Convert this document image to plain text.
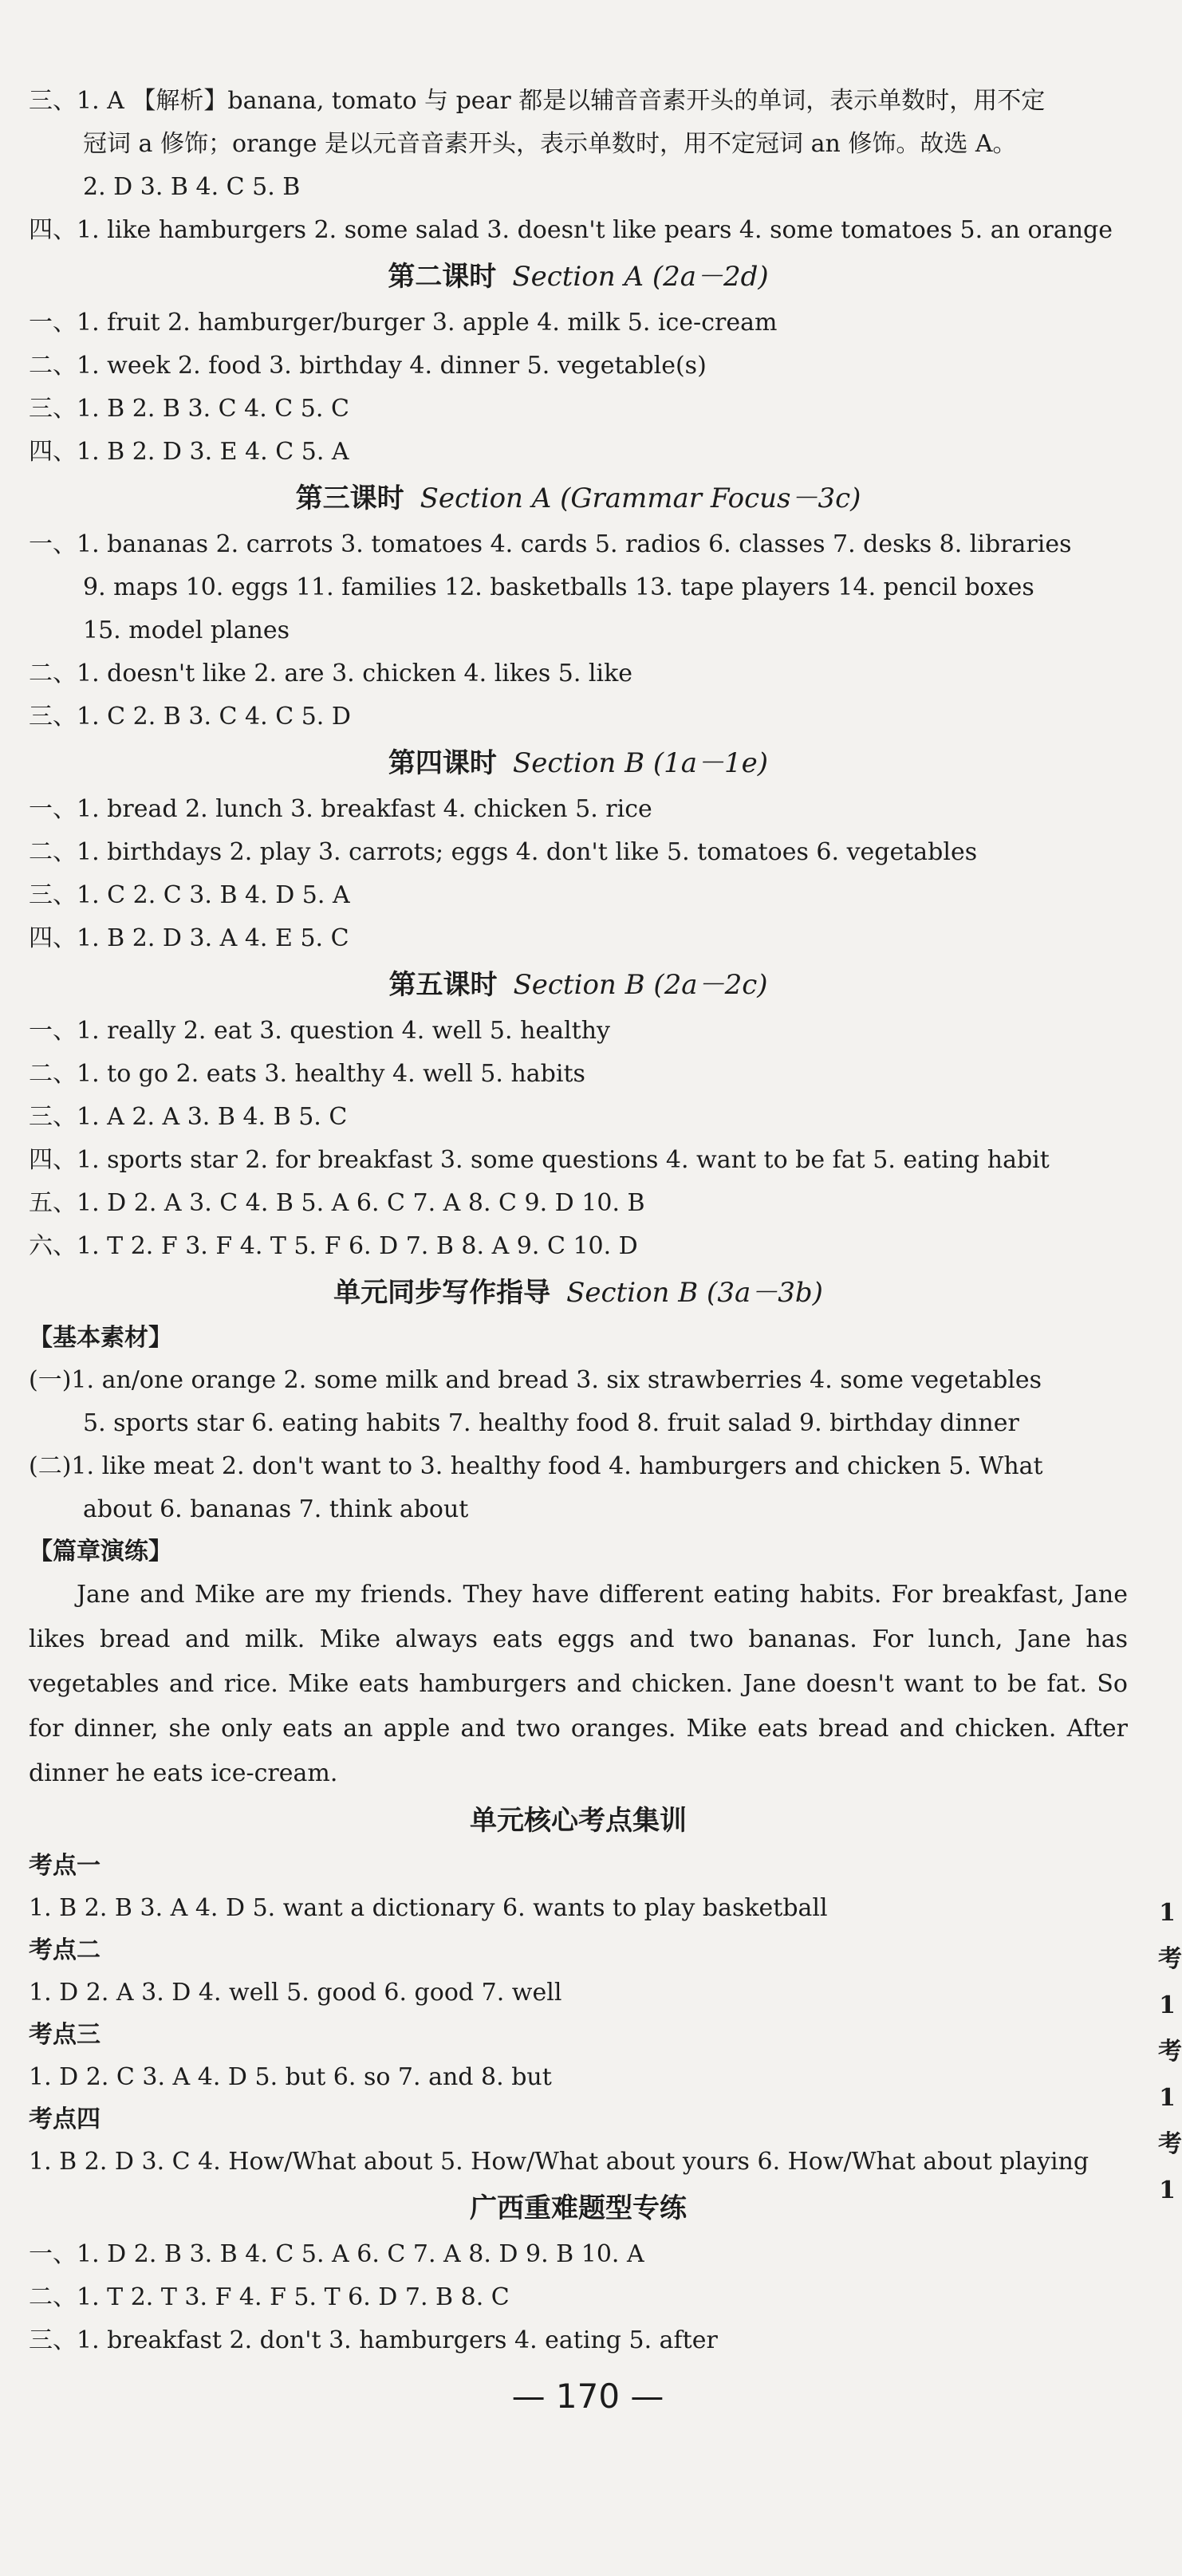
三、1. A 【解析】banana, tomato 与 pear 都是以辅音音素开头的单词，表示单数时，用不定
冠词 a 修饰；orange 是以元音音素开头，表示单数时，用不定冠词 an 修饰。故选 A。
2. D 3. B 4. C 5. B
四、1. like hamburgers 2. some salad 3. doesn't like pears 4. some tomatoes 5. an orange
第二课时 Section A (2a－2d)
一、1. fruit 2. hamburger/burger 3. apple 4. milk 5. ice-cream
二、1. week 2. food 3. birthday 4. dinner 5. vegetable(s)
三、1. B 2. B 3. C 4. C 5. C
四、1. B 2. D 3. E 4. C 5. A
第三课时 Section A (Grammar Focus－3c)
一、1. bananas 2. carrots 3. tomatoes 4. cards 5. radios 6. classes 7. desks 8. libraries
9. maps 10. eggs 11. families 12. basketballs 13. tape players 14. pencil boxes
15. model planes
二、1. doesn't like 2. are 3. chicken 4. likes 5. like
三、1. C 2. B 3. C 4. C 5. D
第四课时 Section B (1a－1e)
一、1. bread 2. lunch 3. breakfast 4. chicken 5. rice
二、1. birthdays 2. play 3. carrots; eggs 4. don't like 5. tomatoes 6. vegetables
三、1. C 2. C 3. B 4. D 5. A
四、1. B 2. D 3. A 4. E 5. C
第五课时 Section B (2a－2c)
一、1. really 2. eat 3. question 4. well 5. healthy
二、1. to go 2. eats 3. healthy 4. well 5. habits
三、1. A 2. A 3. B 4. B 5. C
四、1. sports star 2. for breakfast 3. some questions 4. want to be fat 5. eating habit
五、1. D 2. A 3. C 4. B 5. A 6. C 7. A 8. C 9. D 10. B
六、1. T 2. F 3. F 4. T 5. F 6. D 7. B 8. A 9. C 10. D
单元同步写作指导 Section B (3a－3b)
【基本素材】
(一)1. an/one orange 2. some milk and bread 3. six strawberries 4. some vegetables
5. sports star 6. eating habits 7. healthy food 8. fruit salad 9. birthday dinner
(二)1. like meat 2. don't want to 3. healthy food 4. hamburgers and chicken 5. What
about 6. bananas 7. think about
【篇章演练】
Jane and Mike are my friends. They have different eating habits. For breakfast, Jane likes bread and milk. Mike always eats eggs and two bananas. For lunch, Jane has vegetables and rice. Mike eats hamburgers and chicken. Jane doesn't want to be fat. So for dinner, she only eats an apple and two oranges. Mike eats bread and chicken. After dinner he eats ice-cream.
单元核心考点集训
考点一
1. B 2. B 3. A 4. D 5. want a dictionary 6. wants to play basketball
考点二
1. D 2. A 3. D 4. well 5. good 6. good 7. well
考点三
1. D 2. C 3. A 4. D 5. but 6. so 7. and 8. but
考点四
1. B 2. D 3. C 4. How/What about 5. How/What about yours 6. How/What about playing
广西重难题型专练
一、1. D 2. B 3. B 4. C 5. A 6. C 7. A 8. D 9. B 10. A
二、1. T 2. T 3. F 4. F 5. T 6. D 7. B 8. C
三、1. breakfast 2. don't 3. hamburgers 4. eating 5. after
— 170 —
1
考
1
考
1
考
1
